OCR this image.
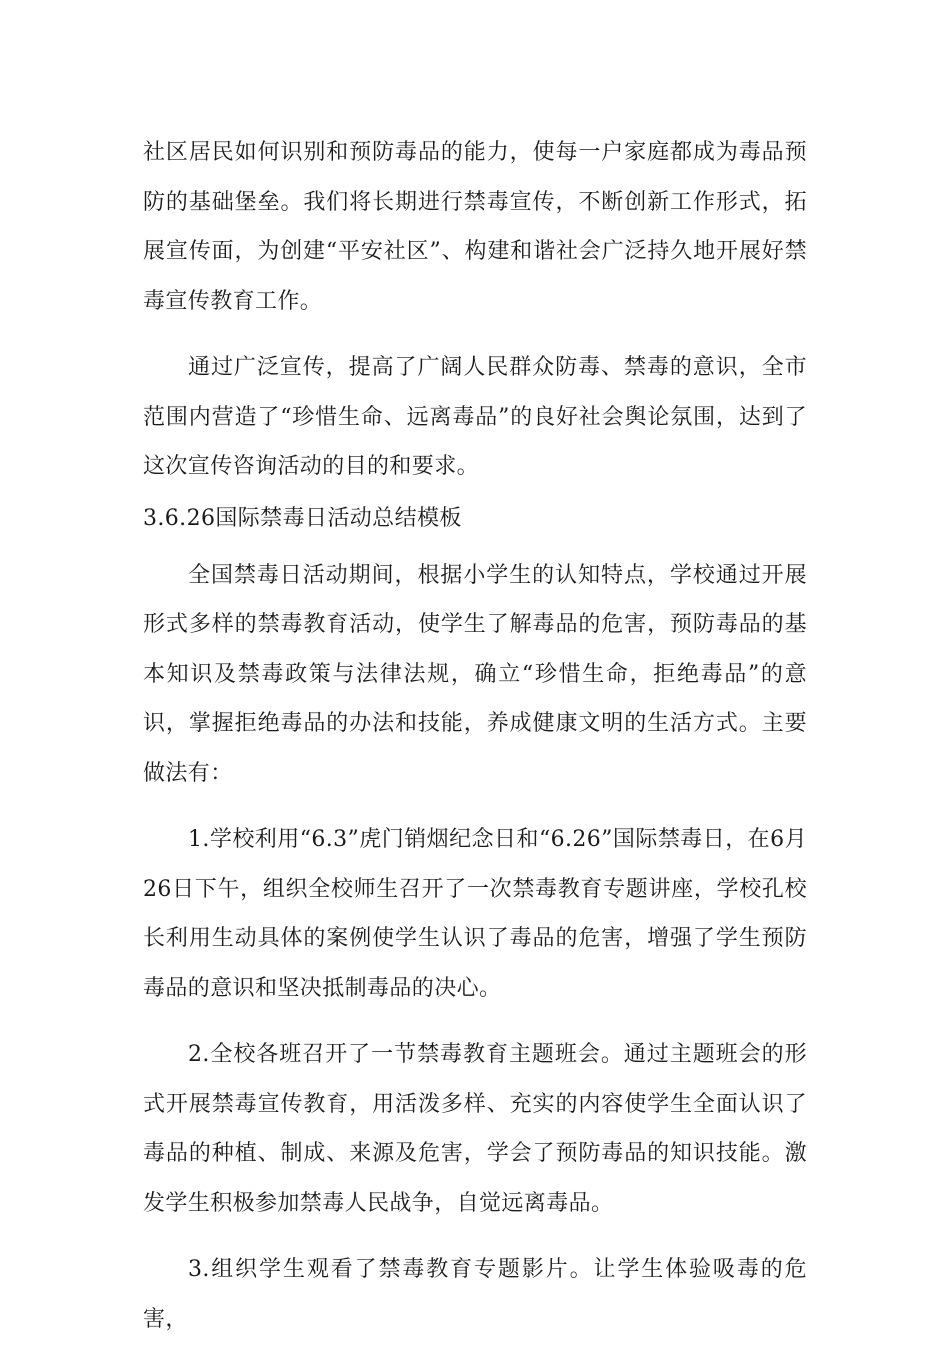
社区居民如何识别和预防毒品的能力，使每一户家庭都成为毒品预防的基础堡垒。我们将长期进行禁毒宣传，不断创新工作形式，拓展宣传面，为创建“平安社区”、构建和谐社会广泛持久地开展好禁毒宣传教育工作。

通过广泛宣传，提高了广阔人民群众防毒、禁毒的意识，全市范围内营造了“珍惜生命、远离毒品”的良好社会舆论氛围，达到了这次宣传咨询活动的目的和要求。

3.6.26国际禁毒日活动总结模板

全国禁毒日活动期间，根据小学生的认知特点，学校通过开展形式多样的禁毒教育活动，使学生了解毒品的危害，预防毒品的基本知识及禁毒政策与法律法规，确立“珍惜生命，拒绝毒品”的意识，掌握拒绝毒品的办法和技能，养成健康文明的生活方式。主要做法有：

1.学校利用“6.3”虎门销烟纪念日和“6.26”国际禁毒日，在6月26日下午，组织全校师生召开了一次禁毒教育专题讲座，学校孔校长利用生动具体的案例使学生认识了毒品的危害，增强了学生预防毒品的意识和坚决抵制毒品的决心。

2.全校各班召开了一节禁毒教育主题班会。通过主题班会的形式开展禁毒宣传教育，用活泼多样、充实的内容使学生全面认识了毒品的种植、制成、来源及危害，学会了预防毒品的知识技能。激发学生积极参加禁毒人民战争，自觉远离毒品。

3.组织学生观看了禁毒教育专题影片。让学生体验吸毒的危害，
